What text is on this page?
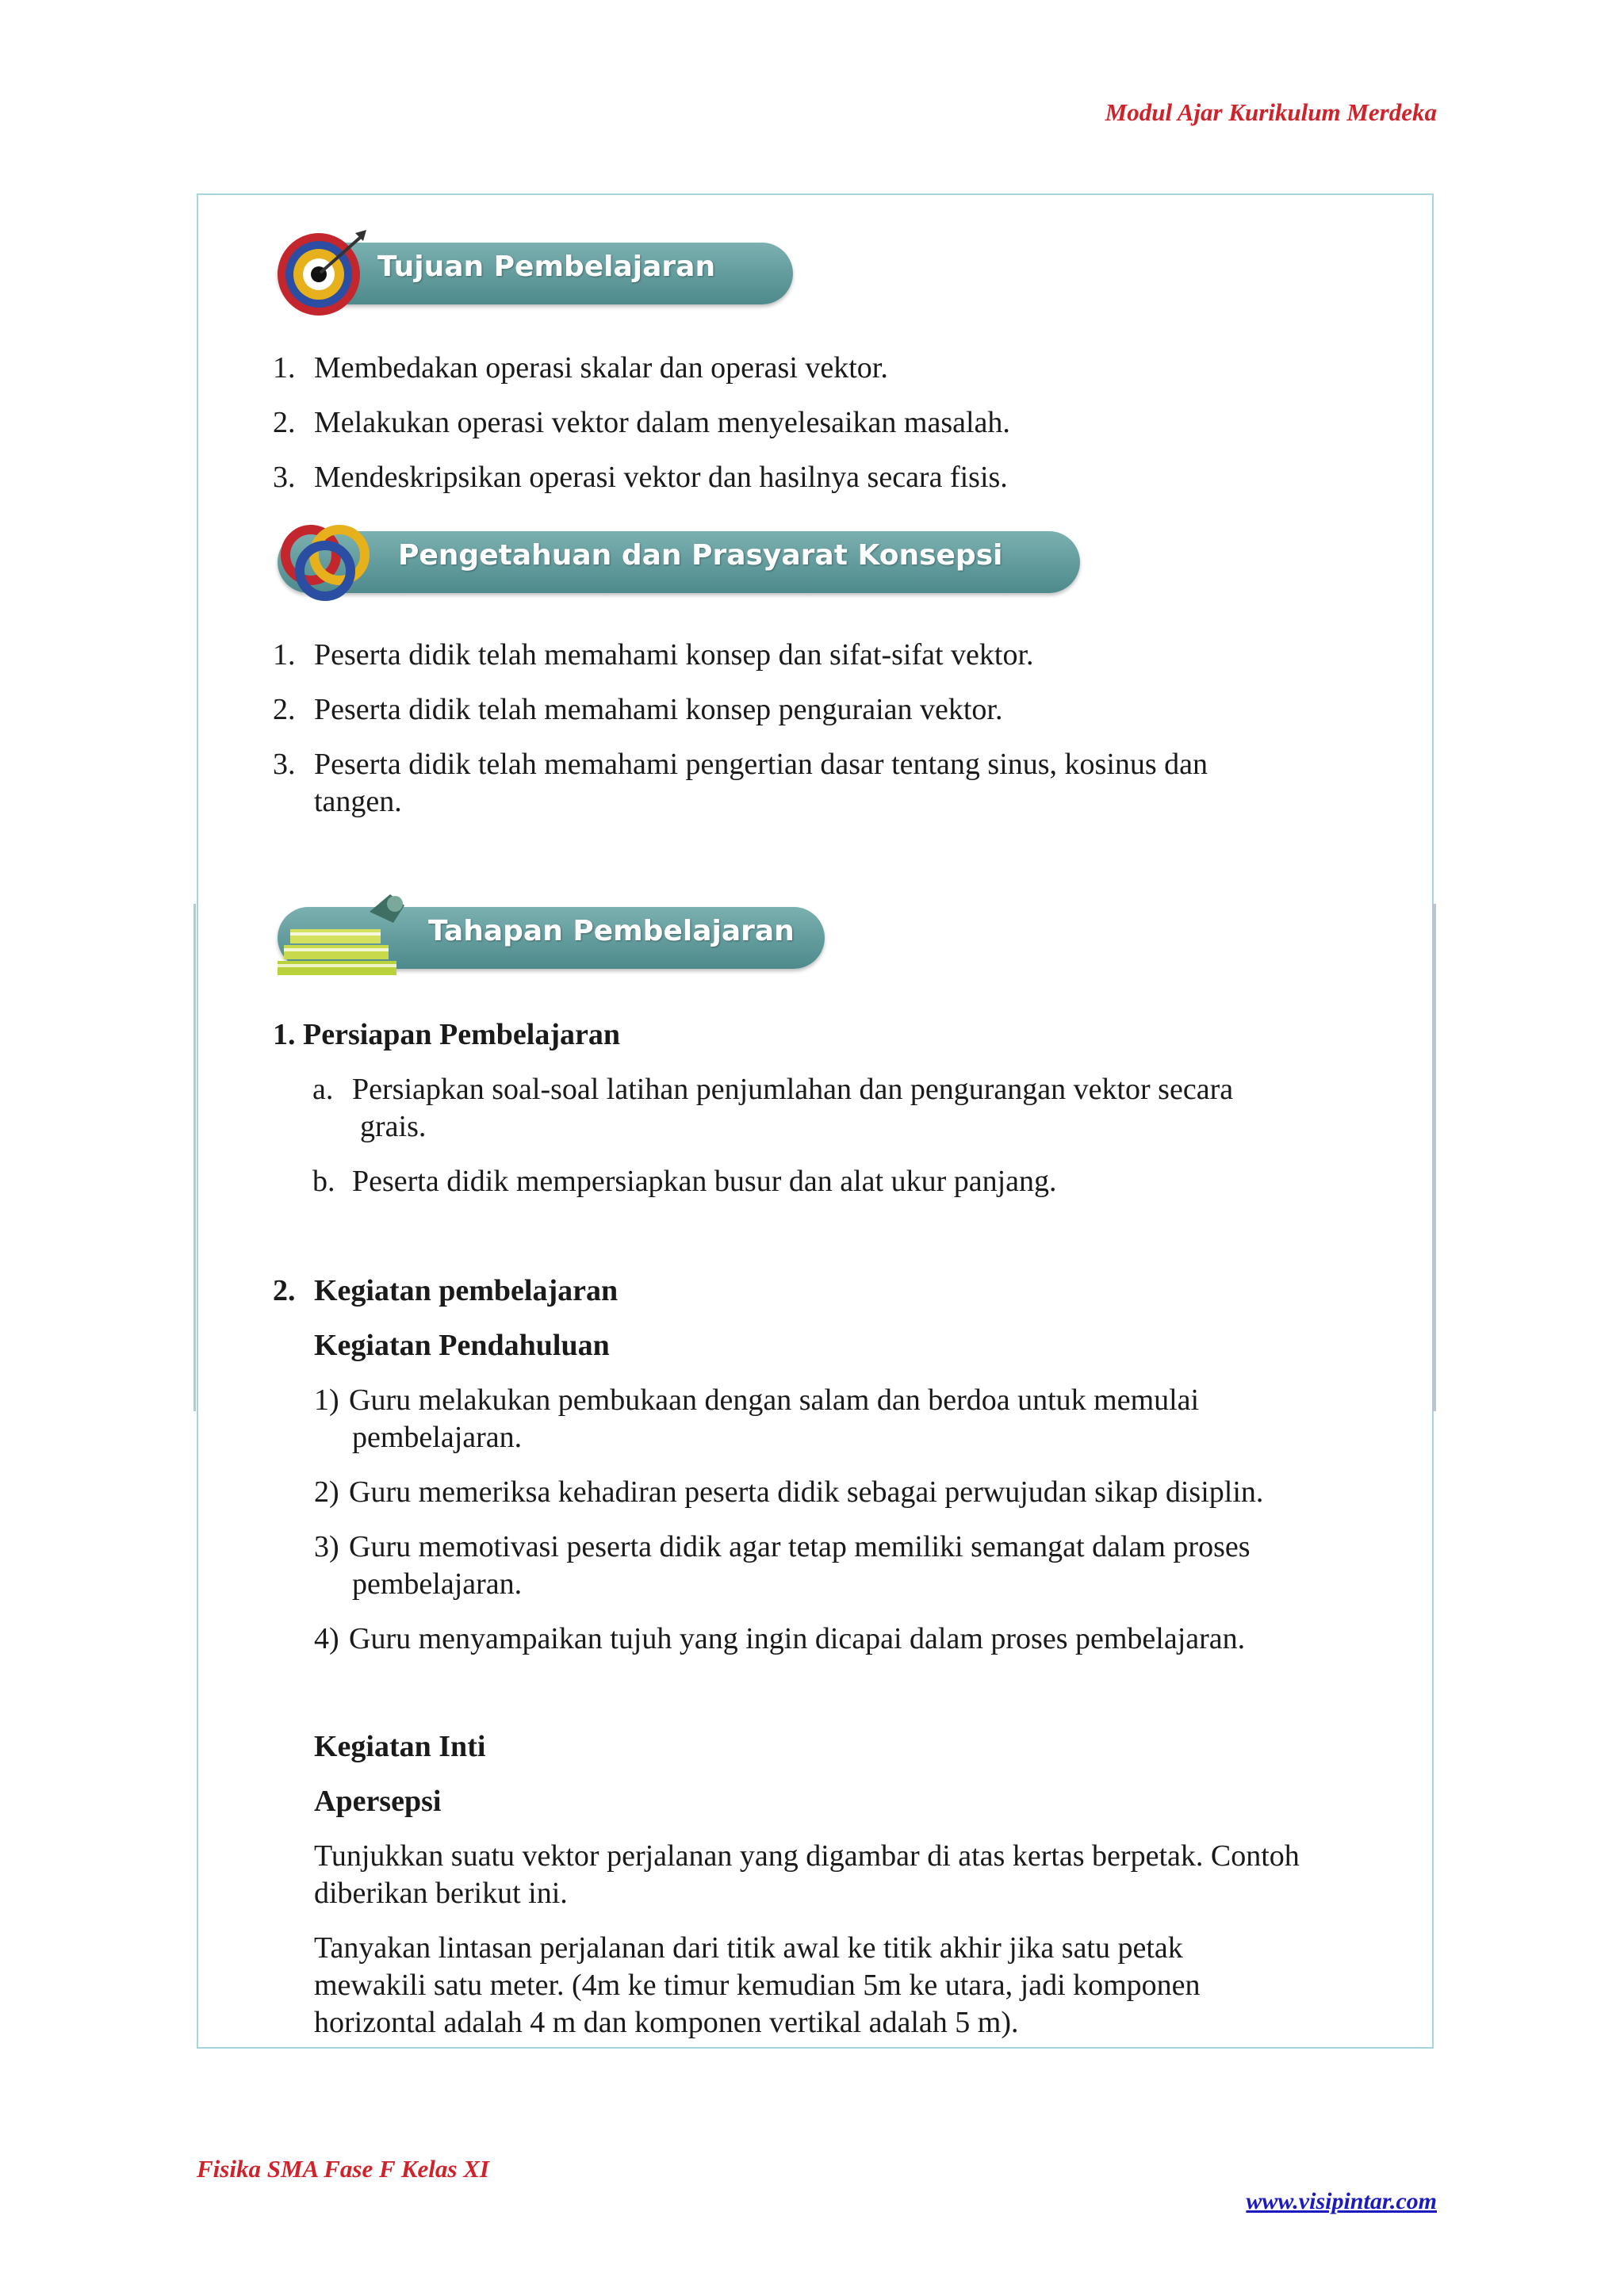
Modul Ajar Kurikulum Merdeka
Tujuan Pembelajaran
1. Membedakan operasi skalar dan operasi vektor.
2. Melakukan operasi vektor dalam menyelesaikan masalah.
3. Mendeskripsikan operasi vektor dan hasilnya secara fisis.
Pengetahuan dan Prasyarat Konsepsi
1. Peserta didik telah memahami konsep dan sifat-sifat vektor.
2. Peserta didik telah memahami konsep penguraian vektor.
3. Peserta didik telah memahami pengertian dasar tentang sinus, kosinus dan
tangen.
Tahapan Pembelajaran
1. Persiapan Pembelajaran
a. Persiapkan soal-soal latihan penjumlahan dan pengurangan vektor secara
grais.
b. Peserta didik mempersiapkan busur dan alat ukur panjang.
2. Kegiatan pembelajaran
Kegiatan Pendahuluan
1) Guru melakukan pembukaan dengan salam dan berdoa untuk memulai
pembelajaran.
2) Guru memeriksa kehadiran peserta didik sebagai perwujudan sikap disiplin.
3) Guru memotivasi peserta didik agar tetap memiliki semangat dalam proses
pembelajaran.
4) Guru menyampaikan tujuh yang ingin dicapai dalam proses pembelajaran.
Kegiatan Inti
Apersepsi
Tunjukkan suatu vektor perjalanan yang digambar di atas kertas berpetak. Contoh
diberikan berikut ini.
Tanyakan lintasan perjalanan dari titik awal ke titik akhir jika satu petak
mewakili satu meter. (4m ke timur kemudian 5m ke utara, jadi komponen
horizontal adalah 4 m dan komponen vertikal adalah 5 m).
Fisika SMA Fase F Kelas XI
www.visipintar.com
